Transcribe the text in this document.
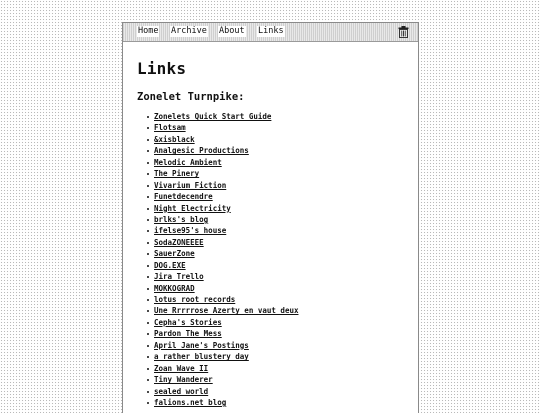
Home Archive About Links
Links
Zonelet Turnpike:
Zonelets Quick Start Guide
Flotsam
&xisblack
Analgesic Productions
Melodic Ambient
The Pinery
Vivarium Fiction
Funetdecendre
Night Electricity
brlks's blog
ifelse95's house
SodaZONEEEE
SauerZone
DOG.EXE
Jira Trello
MOKKOGRAD
lotus root records
Une Rrrrrose Azerty en vaut deux
Cepha's Stories
Pardon The Mess
April Jane's Postings
a rather blustery day
Zoan Wave II
Tiny Wanderer
sealed world
falions.net blog
